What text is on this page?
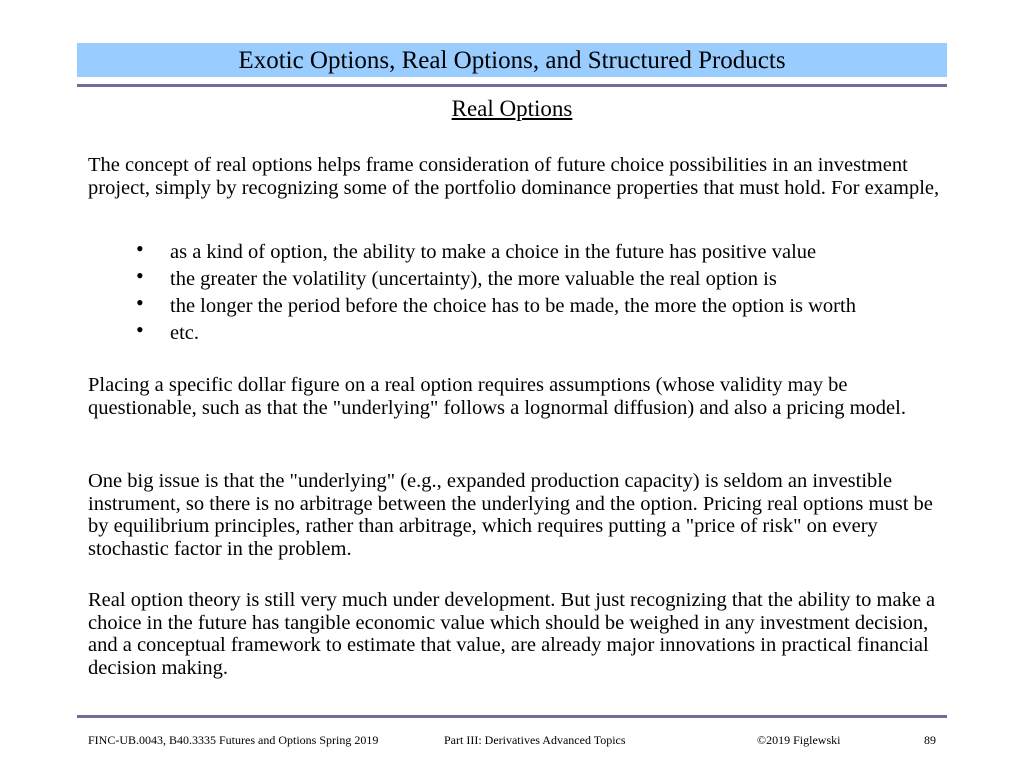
Exotic Options, Real Options, and Structured Products
Real Options
The concept of real options helps frame consideration of future choice possibilities in an investment project, simply by recognizing some of the portfolio dominance properties that must hold. For example,
• as a kind of option, the ability to make a choice in the future has positive value
• the greater the volatility (uncertainty), the more valuable the real option is
• the longer the period before the choice has to be made, the more the option is worth
• etc.
Placing a specific dollar figure on a real option requires assumptions (whose validity may be questionable, such as that the "underlying" follows a lognormal diffusion) and also a pricing model.
One big issue is that the "underlying" (e.g., expanded production capacity) is seldom an investible instrument, so there is no arbitrage between the underlying and the option. Pricing real options must be by equilibrium principles, rather than arbitrage, which requires putting a "price of risk" on every stochastic factor in the problem.
Real option theory is still very much under development. But just recognizing that the ability to make a choice in the future has tangible economic value which should be weighed in any investment decision, and a conceptual framework to estimate that value, are already major innovations in practical financial decision making.
FINC-UB.0043, B40.3335 Futures and Options Spring 2019	Part III: Derivatives Advanced Topics	©2019 Figlewski	89
